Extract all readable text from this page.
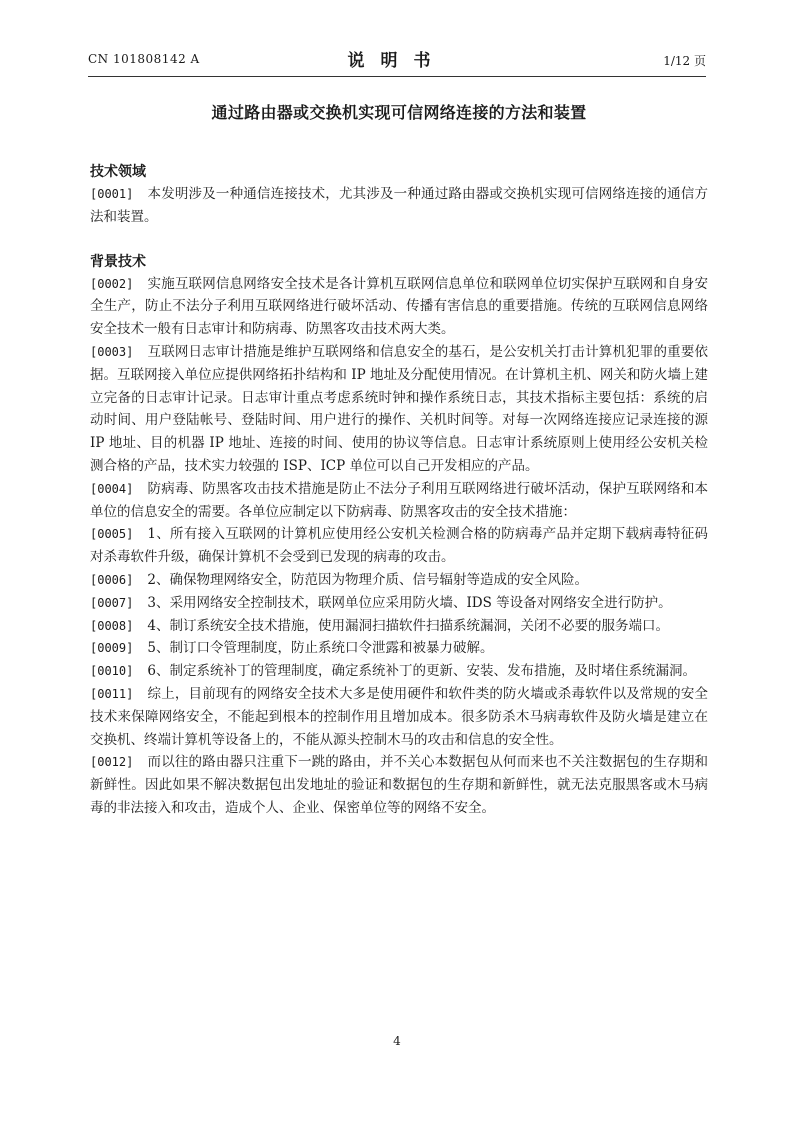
CN 101808142 A	说明书	1/12 页
通过路由器或交换机实现可信网络连接的方法和装置
技术领域

[0001] 本发明涉及一种通信连接技术，尤其涉及一种通过路由器或交换机实现可信网络连接的通信方法和装置。

背景技术

[0002] 实施互联网信息网络安全技术是各计算机互联网信息单位和联网单位切实保护互联网和自身安全生产，防止不法分子利用互联网络进行破坏活动、传播有害信息的重要措施。传统的互联网信息网络安全技术一般有日志审计和防病毒、防黑客攻击技术两大类。

[0003] 互联网日志审计措施是维护互联网络和信息安全的基石，是公安机关打击计算机犯罪的重要依据。互联网接入单位应提供网络拓扑结构和 IP 地址及分配使用情况。在计算机主机、网关和防火墙上建立完备的日志审计记录。日志审计重点考虑系统时钟和操作系统日志，其技术指标主要包括：系统的启动时间、用户登陆帐号、登陆时间、用户进行的操作、关机时间等。对每一次网络连接应记录连接的源 IP 地址、目的机器 IP 地址、连接的时间、使用的协议等信息。日志审计系统原则上使用经公安机关检测合格的产品，技术实力较强的 ISP、ICP 单位可以自己开发相应的产品。

[0004] 防病毒、防黑客攻击技术措施是防止不法分子利用互联网络进行破坏活动，保护互联网络和本单位的信息安全的需要。各单位应制定以下防病毒、防黑客攻击的安全技术措施：

[0005] 1、所有接入互联网的计算机应使用经公安机关检测合格的防病毒产品并定期下载病毒特征码对杀毒软件升级，确保计算机不会受到已发现的病毒的攻击。

[0006] 2、确保物理网络安全，防范因为物理介质、信号辐射等造成的安全风险。

[0007] 3、采用网络安全控制技术，联网单位应采用防火墙、IDS 等设备对网络安全进行防护。

[0008] 4、制订系统安全技术措施，使用漏洞扫描软件扫描系统漏洞，关闭不必要的服务端口。

[0009] 5、制订口令管理制度，防止系统口令泄露和被暴力破解。

[0010] 6、制定系统补丁的管理制度，确定系统补丁的更新、安装、发布措施，及时堵住系统漏洞。

[0011] 综上，目前现有的网络安全技术大多是使用硬件和软件类的防火墙或杀毒软件以及常规的安全技术来保障网络安全，不能起到根本的控制作用且增加成本。很多防杀木马病毒软件及防火墙是建立在交换机、终端计算机等设备上的，不能从源头控制木马的攻击和信息的安全性。

[0012] 而以往的路由器只注重下一跳的路由，并不关心本数据包从何而来也不关注数据包的生存期和新鲜性。因此如果不解决数据包出发地址的验证和数据包的生存期和新鲜性，就无法克服黑客或木马病毒的非法接入和攻击，造成个人、企业、保密单位等的网络不安全。

4
